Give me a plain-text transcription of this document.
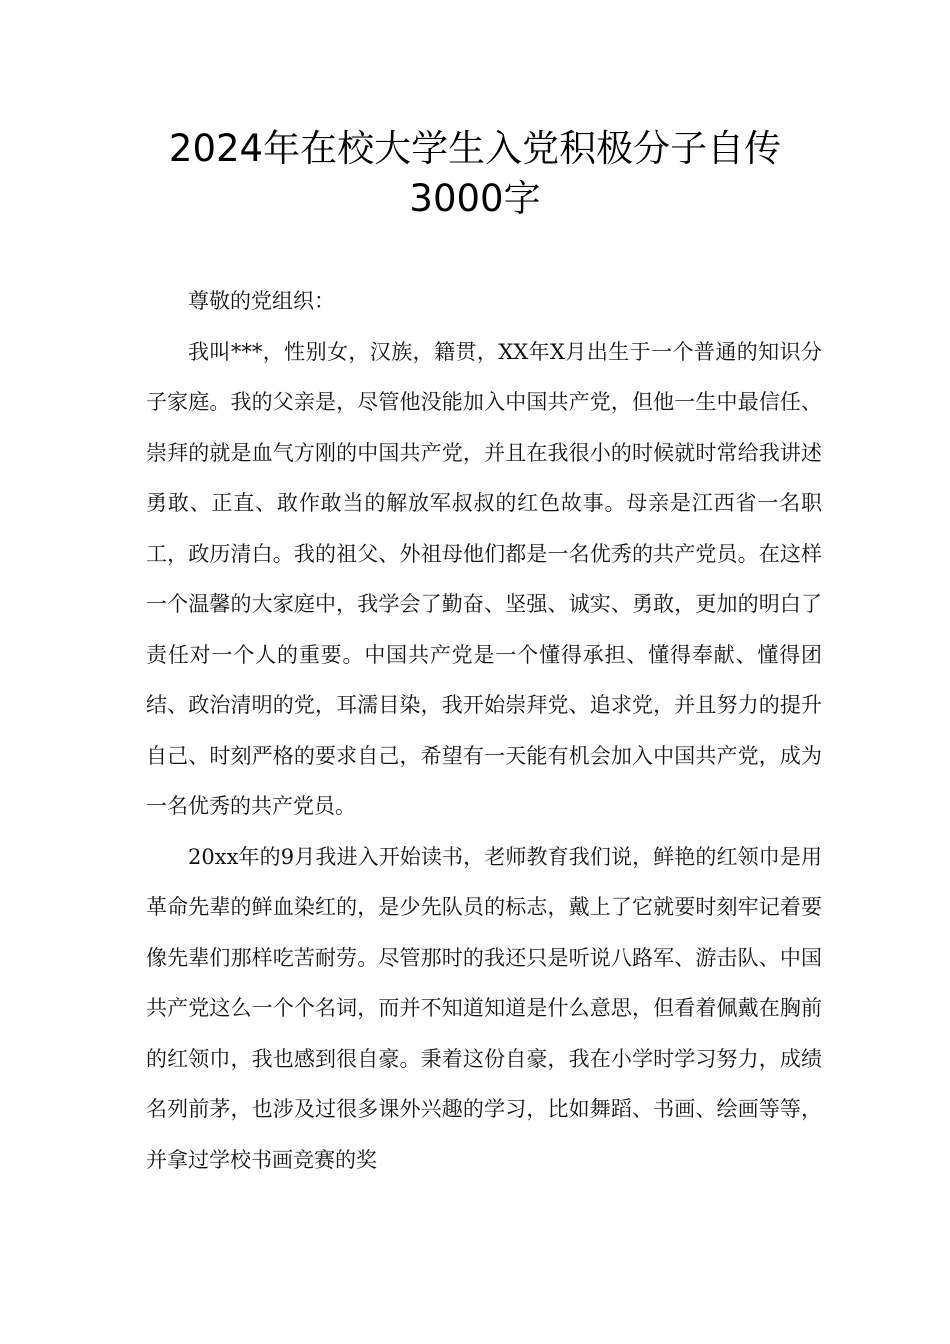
2024年在校大学生入党积极分子自传
3000字

尊敬的党组织：

我叫***，性别女，汉族，籍贯，XX年X月出生于一个普通的知识分子家庭。我的父亲是，尽管他没能加入中国共产党，但他一生中最信任、崇拜的就是血气方刚的中国共产党，并且在我很小的时候就时常给我讲述勇敢、正直、敢作敢当的解放军叔叔的红色故事。母亲是江西省一名职工，政历清白。我的祖父、外祖母他们都是一名优秀的共产党员。在这样一个温馨的大家庭中，我学会了勤奋、坚强、诚实、勇敢，更加的明白了责任对一个人的重要。中国共产党是一个懂得承担、懂得奉献、懂得团结、政治清明的党，耳濡目染，我开始崇拜党、追求党，并且努力的提升自己、时刻严格的要求自己，希望有一天能有机会加入中国共产党，成为一名优秀的共产党员。

20xx年的9月我进入开始读书，老师教育我们说，鲜艳的红领巾是用革命先辈的鲜血染红的，是少先队员的标志，戴上了它就要时刻牢记着要像先辈们那样吃苦耐劳。尽管那时的我还只是听说八路军、游击队、中国共产党这么一个个名词，而并不知道知道是什么意思，但看着佩戴在胸前的红领巾，我也感到很自豪。秉着这份自豪，我在小学时学习努力，成绩名列前茅，也涉及过很多课外兴趣的学习，比如舞蹈、书画、绘画等等，并拿过学校书画竞赛的奖
